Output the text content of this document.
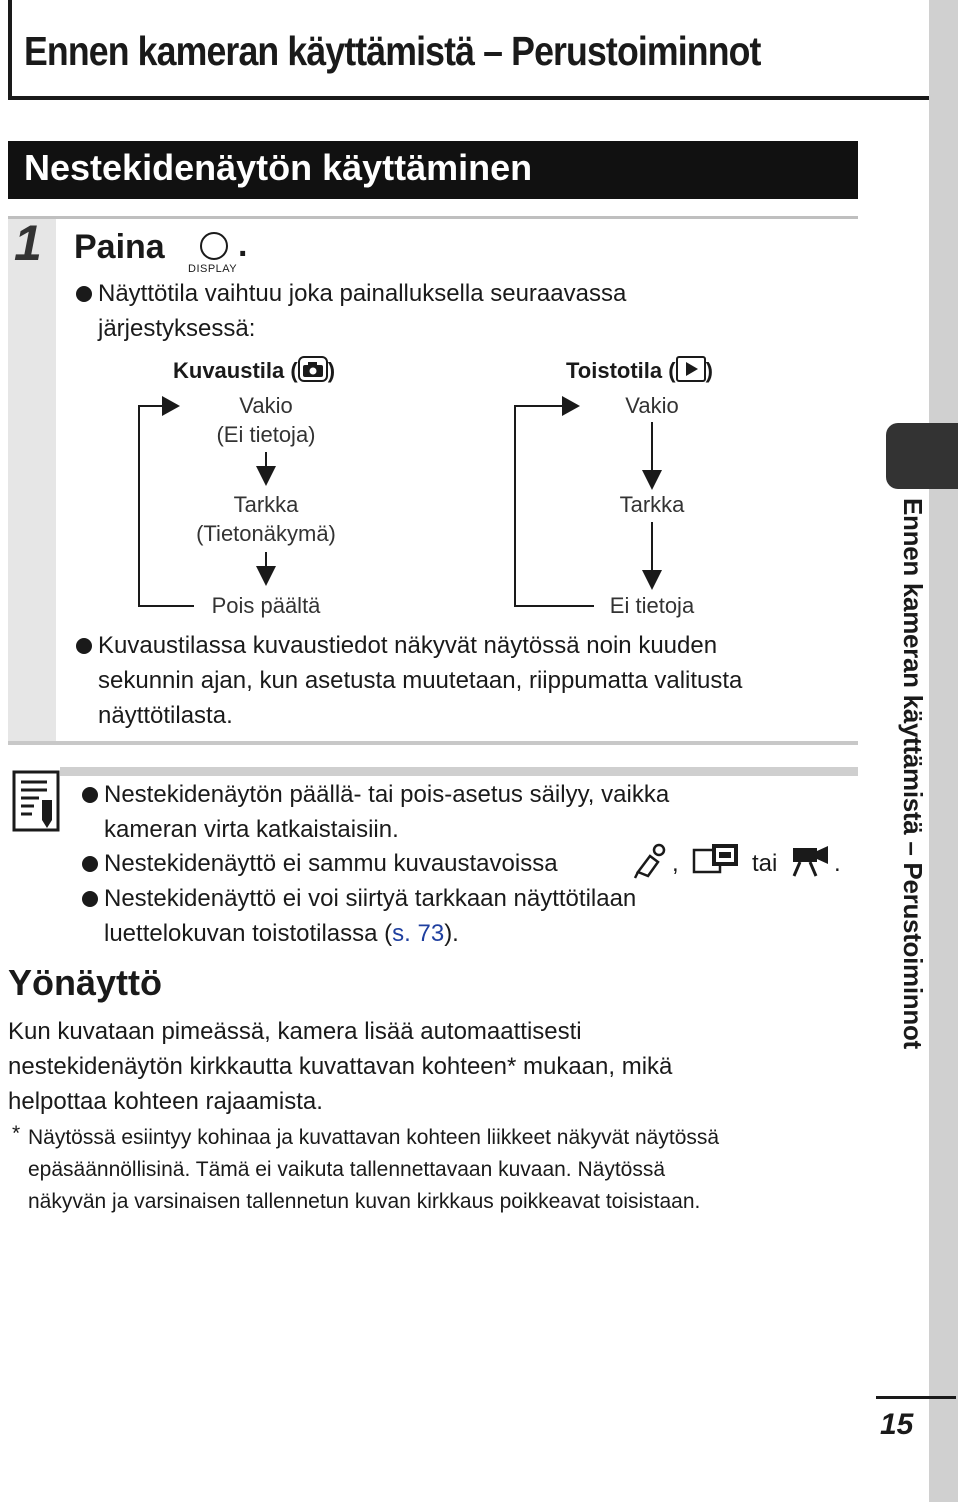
Ennen kameran käyttämistä – Perustoiminnot
Ennen kameran käyttämistä – Perustoiminnot
Nestekidenäytön käyttäminen
1 Paina
DISPLAY
.
Näyttötila vaihtuu joka painalluksella seuraavassa
järjestyksessä:
Kuvaustila ( )	Toistotila ( )
Vakio
(Ei tietoja)
Tarkka
(Tietonäkymä)
Pois päältä
Vakio
Tarkka
Ei tietoja
Kuvaustilassa kuvaustiedot näkyvät näytössä noin kuuden
sekunnin ajan, kun asetusta muutetaan, riippumatta valitusta
näyttötilasta.
Nestekidenäytön päällä- tai pois-asetus säilyy, vaikka
kameran virta katkaistaisiin.
Nestekidenäyttö ei sammu kuvaustavoissa	,	tai .
Nestekidenäyttö ei voi siirtyä tarkkaan näyttötilaan
luettelokuvan toistotilassa (s. 73).
Yönäyttö
Kun kuvataan pimeässä, kamera lisää automaattisesti
nestekidenäytön kirkkautta kuvattavan kohteen* mukaan, mikä
helpottaa kohteen rajaamista.
* Näytössä esiintyy kohinaa ja kuvattavan kohteen liikkeet näkyvät näytössä
epäsäännöllisinä. Tämä ei vaikuta tallennettavaan kuvaan. Näytössä
näkyvän ja varsinaisen tallennetun kuvan kirkkaus poikkeavat toisistaan.
15
